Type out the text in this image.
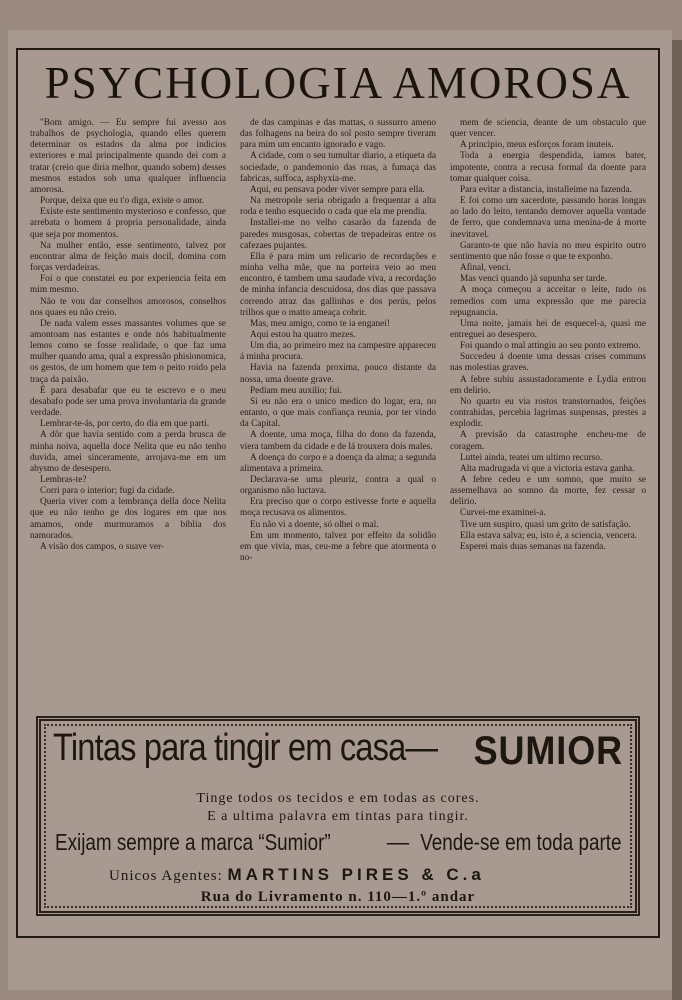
PSYCHOLOGIA AMOROSA

"Bom amigo. — Eu sempre fui avesso aos trabalhos de psychologia, quando elles querem determinar os estados da alma por indicios exteriores e mal principalmente quando dei com a tratar (creio que diria melhor, quando sobem) desses mesmos estados sob uma qualquer influencia amorosa.

Porque, deixa que eu t'o diga, existe o amor.

Existe este sentimento mysterioso e confesso, que arrebata o homem á propria personalidade, ainda que seja por momentos.

Na mulher então, esse sentimento, talvez por encontrar alma de feição mais docil, domina com forças verdadeiras.

Foi o que constatei eu por experiencia feita em mim mesmo.

Não te vou dar conselhos amorosos, conselhos nos quaes eu não creio.

De nada valem esses massantes volumes que se amontoam nas estantes e onde nós habitualmente lemos como se fosse realidade, o que faz uma mulher quando ama, qual a expressão phisionomica, os gestos, de um homem que tem o peito roido pela traça da paixão.

É para desabafar que eu te escrevo e o meu desabafo pode ser uma prova involuntaria da grande verdade.

Lembrar-te-ás, por certo, do dia em que parti.

A dôr que havia sentido com a perda brusca de minha noiva, aquella doce Nelita que eu não tenho duvida, amei sinceramente, arrojava-me em um abysmo de desespero.

Lembras-te?

Corri para o interior; fugi da cidade.

Queria viver com a lembrança della doce Nelita que eu não tenho ge dos logares em que nos amamos, onde murmuramos a biblia dos namorados.

A visão dos campos, o suave ver-

de das campinas e das mattas, o sussurro ameno das folhagens na beira do sol posto sempre tiveram para mim um encanto ignorado e vago.

A cidade, com o seu tumultar diario, a etiqueta da sociedade, o pandemonio das ruas, a fumaça das fabricas, suffoca, asphyxia-me.

Aqui, eu pensava poder viver sempre para ella.

Na metropole seria obrigado a frequentar a alta roda e tenho esquecido o cada que ela me prendia.

Installei-me no velho casarão da fazenda de paredes musgosas, cobertas de trepadeiras entre os cafezaes pujantes.

Ella é para mim um relicario de recordações e minha velha mãe, que na porteira veio ao meu encontro, é tambem uma saudade viva, a recordação de minha infancia descuidosa, dos dias que passava correndo atraz das gallinhas e dos perús, pelos trilhos que o matto ameaça cobrir.

Mas, meu amigo, como te ia enganei!

Aqui estou ha quatro mezes.

Um dia, ao primeiro mez na campestre appareceu á minha procura.

Havia na fazenda proxima, pouco distante da nossa, uma doente grave.

Pediam meu auxilio; fui.

Si eu não era o unico medico do logar, era, no entanto, o que mais confiança reunia, por ter vindo da Capital.

A doente, uma moça, filha do dono da fazenda, viera tambem da cidade e de lá trouxera dois males.

A doença do corpo e a doença da alma; a segunda alimentava a primeira.

Declarava-se uma pleuriz, contra a qual o organismo não luctava.

Era preciso que o corpo estivesse forte e aquella moça recusava os alimentos.

Eu não vi a doente, só olhei o mal.

Em um momento, talvez por effeito da solidão em que vivia, mas, ceu-me a febre que atormenta o no-

mem de sciencia, deante de um obstaculo que quer vencer.

A principio, meus esforços foram inuteis.

Toda a energia despendida, iamos bater, impotente, contra a recusa formal da doente para tomar qualquer coisa.

Para evitar a distancia, installeime na fazenda.

E foi como um sacerdote, passando horas longas ao lado do leito, tentando demover aquella vontade de ferro, que condemnava uma menina-de á morte inevitavel.

Garanto-te que não havia no meu espirito outro sentimento que não fosse o que te exponho.

Afinal, venci.

Mas venci quando já supunha ser tarde.

A moça começou a acceitar o leite, tudo os remedios com uma expressão que me parecia repugnancia.

Uma noite, jamais hei de esquecel-a, quasi me entreguei ao desespero.

Foi quando o mal attingiu ao seu ponto extremo.

Succedeu á doente uma dessas crises communs nas molestias graves.

A febre subiu assustadoramente e Lydia entrou em delirio.

No quarto eu via rostos transtornados, feições contrahidas, percebia lagrimas suspensas, prestes a explodir.

A previsão da catastrophe encheu-me de coragem.

Luttei ainda, teatei um ultimo recurso.

Alta madrugada vi que a victoria estava ganha.

A febre cedeu e um somno, que muito se assemelhava ao somno da morte, fez cessar o delirio.

Curvei-me examinei-a.

Tive um suspiro, quasi um grito de satisfação.

Ella estava salva; eu, isto é, a sciencia, vencera.

Esperei mais duas semanas na fazenda.

Tintas para tingir em casa— SUMIOR
Tinge todos os tecidos e em todas as cores.
E a ultima palavra em tintas para tingir.
Exijam sempre a marca “Sumior”	— Vende-se em toda parte
Unicos Agentes: MARTINS PIRES & C.a
Rua do Livramento n. 110—1.º andar
